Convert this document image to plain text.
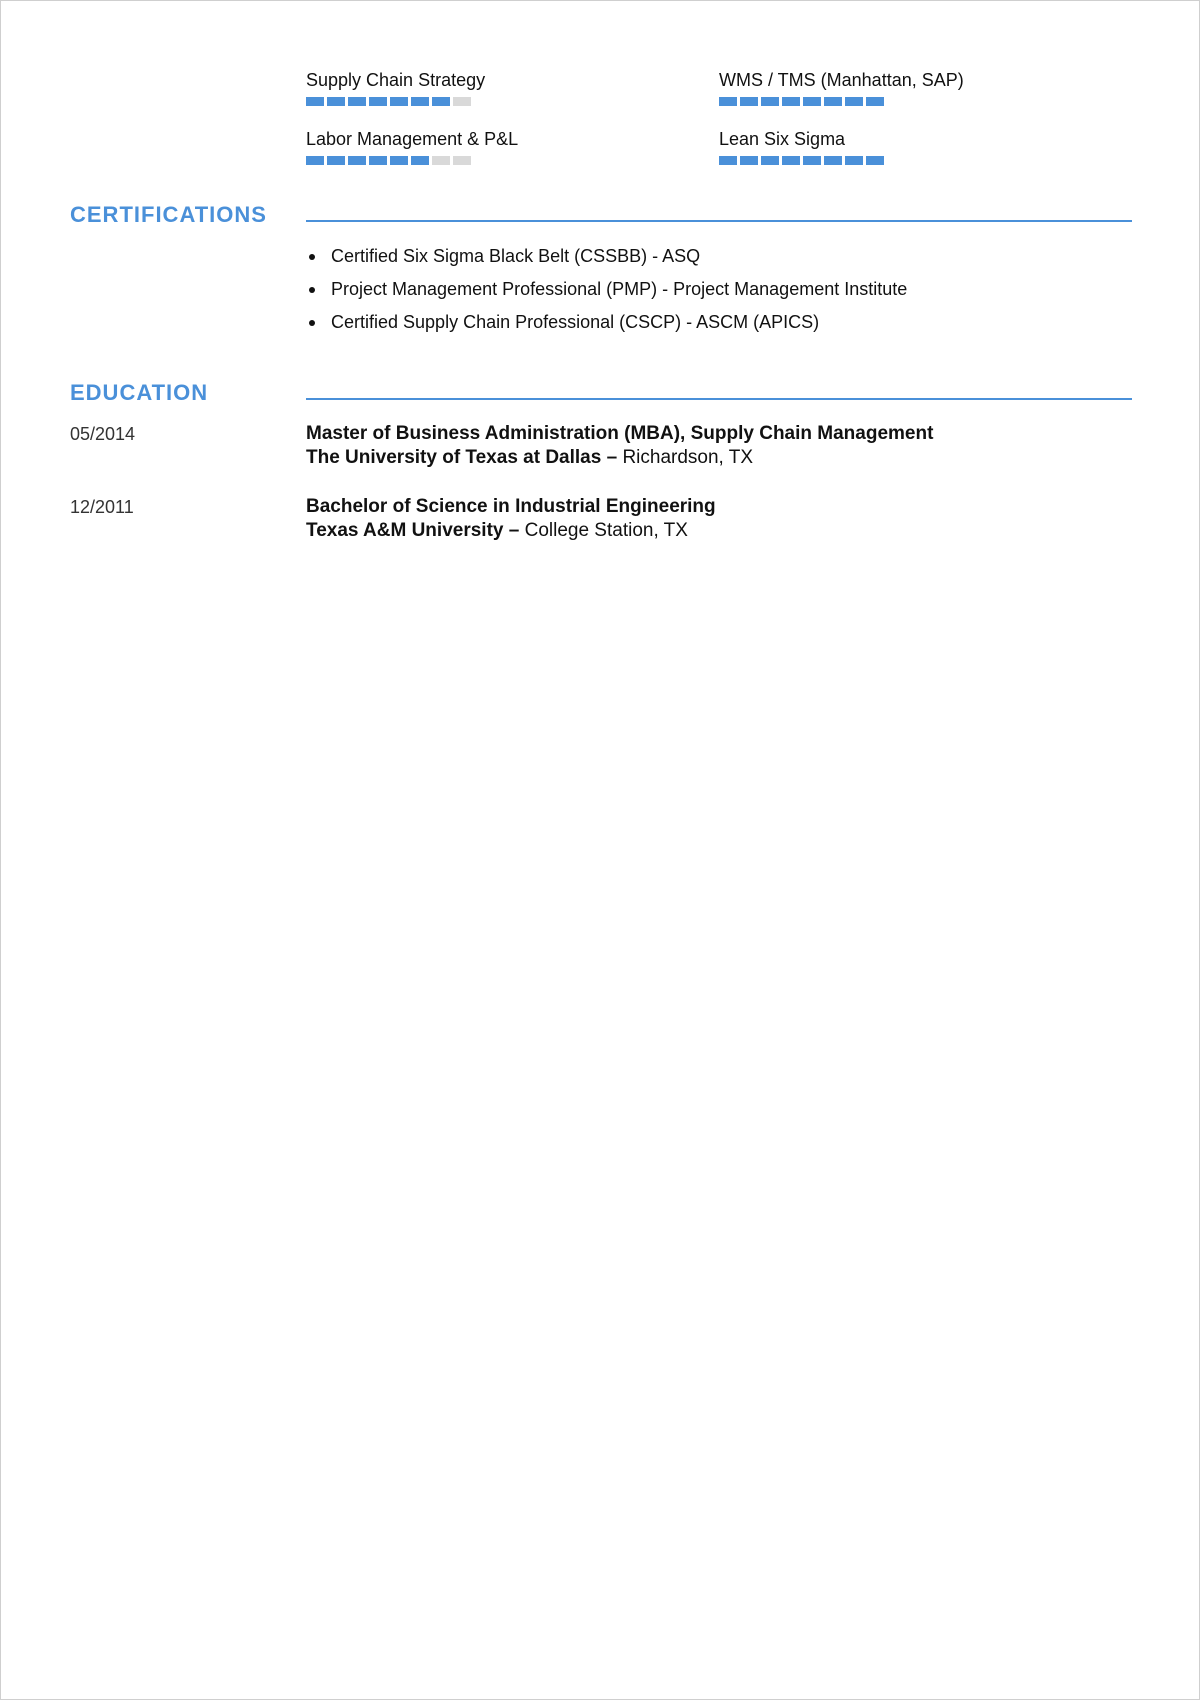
Supply Chain Strategy	WMS / TMS (Manhattan, SAP)
Labor Management & P&L	Lean Six Sigma
CERTIFICATIONS
Certified Six Sigma Black Belt (CSSBB) - ASQ
Project Management Professional (PMP) - Project Management Institute
Certified Supply Chain Professional (CSCP) - ASCM (APICS)
EDUCATION
05/2014	Master of Business Administration (MBA), Supply Chain Management
The University of Texas at Dallas – Richardson, TX
12/2011	Bachelor of Science in Industrial Engineering
Texas A&M University – College Station, TX
